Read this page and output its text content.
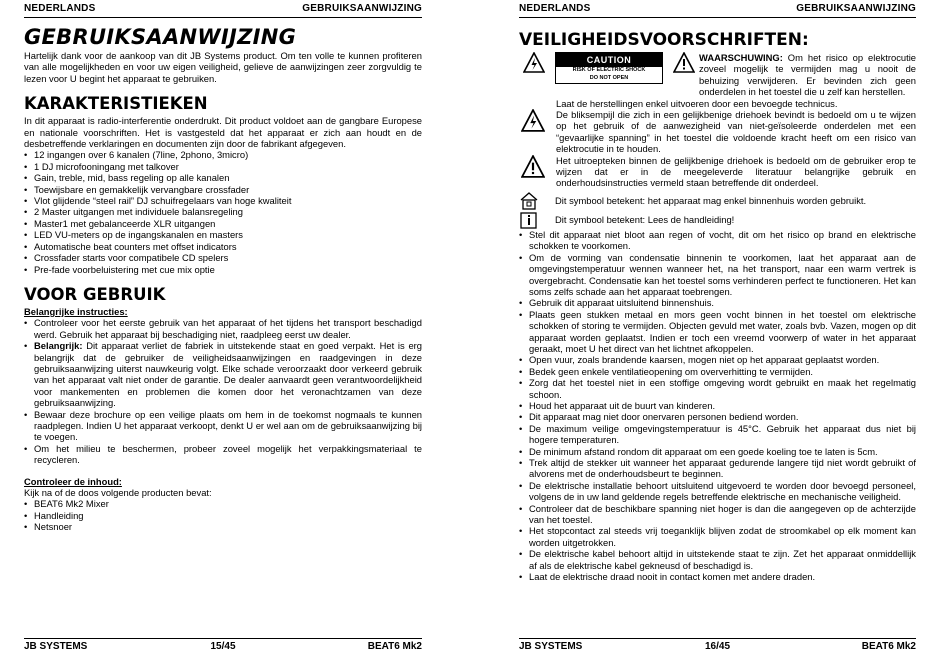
NEDERLANDS	GEBRUIKSAANWIJZING
GEBRUIKSAANWIJZING

Hartelijk dank voor de aankoop van dit JB Systems product. Om ten volle te kunnen profiteren van alle mogelijkheden en voor uw eigen veiligheid, gelieve de aanwijzingen zeer zorgvuldig te lezen voor U begint het apparaat te gebruiken.

KARAKTERISTIEKEN

In dit apparaat is radio-interferentie onderdrukt. Dit product voldoet aan de gangbare Europese en nationale voorschriften. Het is vastgesteld dat het apparaat er zich aan houdt en de desbetreffende verklaringen en documenten zijn door de fabrikant afgegeven.

• 12 ingangen over 6 kanalen (7line, 2phono, 3micro)
• 1 DJ microfooningang met talkover
• Gain, treble, mid, bass regeling op alle kanalen
• Toewijsbare en gemakkelijk vervangbare crossfader
• Vlot glijdende “steel rail” DJ schuifregelaars van hoge kwaliteit
• 2 Master uitgangen met individuele balansregeling
• Master1 met gebalanceerde XLR uitgangen
• LED VU-meters op de ingangskanalen en masters
• Automatische beat counters met offset indicators
• Crossfader starts voor compatibele CD spelers
• Pre-fade voorbeluistering met cue mix optie
VOOR GEBRUIK
Belangrijke instructies:
• Controleer voor het eerste gebruik van het apparaat of het tijdens het transport beschadigd werd. Gebruik het apparaat bij beschadiging niet, raadpleeg eerst uw dealer.
• Belangrijk: Dit apparaat verliet de fabriek in uitstekende staat en goed verpakt. Het is erg belangrijk dat de gebruiker de veiligheidsaanwijzingen en raadgevingen in deze gebruiksaanwijzing uiterst nauwkeurig volgt. Elke schade veroorzaakt door verkeerd gebruik van het apparaat valt niet onder de garantie. De dealer aanvaardt geen verantwoordelijkheid voor mankementen en problemen die komen door het veronachtzamen van deze gebruiksaanwijzing.
• Bewaar deze brochure op een veilige plaats om hem in de toekomst nogmaals te kunnen raadplegen. Indien U het apparaat verkoopt, denkt U er wel aan om de gebruiksaanwijzing bij te voegen.
• Om het milieu te beschermen, probeer zoveel mogelijk het verpakkingsmateriaal te recycleren.
Controleer de inhoud:

Kijk na of de doos volgende producten bevat:

• BEAT6 Mk2 Mixer
• Handleiding
• Netsnoer
JB SYSTEMS	15/45	BEAT6 Mk2
NEDERLANDS	GEBRUIKSAANWIJZING
VEILIGHEIDSVOORSCHRIFTEN:
CAUTION
RISK OF ELECTRIC SHOCK
DO NOT OPEN
WAARSCHUWING: Om het risico op elektrocutie zoveel mogelijk te vermijden mag u nooit de behuizing verwijderen. Er bevinden zich geen onderdelen in het toestel die u zelf kan herstellen.

Laat de herstellingen enkel uitvoeren door een bevoegde technicus.

De bliksempijl die zich in een gelijkbenige driehoek bevindt is bedoeld om u te wijzen op het gebruik of de aanwezigheid van niet-geïsoleerde onderdelen met een “gevaarlijke spanning” in het toestel die voldoende kracht heeft om een risico van elektrocutie in te houden.
Het uitroepteken binnen de gelijkbenige driehoek is bedoeld om de gebruiker erop te wijzen dat er in de meegeleverde literatuur belangrijke gebruik en onderhoudsinstructies vermeld staan betreffende dit onderdeel.
Dit symbool betekent: het apparaat mag enkel binnenhuis worden gebruikt.
Dit symbool betekent: Lees de handleiding!
• Stel dit apparaat niet bloot aan regen of vocht, dit om het risico op brand en elektrische schokken te voorkomen.
• Om de vorming van condensatie binnenin te voorkomen, laat het apparaat aan de omgevingstemperatuur wennen wanneer het, na het transport, naar een warm vertrek is overgebracht. Condensatie kan het toestel soms verhinderen perfect te functioneren. Het kan soms zelfs schade aan het apparaat toebrengen.
• Gebruik dit apparaat uitsluitend binnenshuis.
• Plaats geen stukken metaal en mors geen vocht binnen in het toestel om elektrische schokken of storing te vermijden. Objecten gevuld met water, zoals bvb. Vazen, mogen op dit apparaat worden geplaatst. Indien er toch een vreemd voorwerp of water in het apparaat geraakt, moet U het direct van het lichtnet afkoppelen.
• Open vuur, zoals brandende kaarsen, mogen niet op het apparaat geplaatst worden.
• Bedek geen enkele ventilatieopening om oververhitting te vermijden.
• Zorg dat het toestel niet in een stoffige omgeving wordt gebruikt en maak het regelmatig schoon.
• Houd het apparaat uit de buurt van kinderen.
• Dit apparaat mag niet door onervaren personen bediend worden.
• De maximum veilige omgevingstemperatuur is 45°C. Gebruik het apparaat dus niet bij hogere temperaturen.
• De minimum afstand rondom dit apparaat om een goede koeling toe te laten is 5cm.
• Trek altijd de stekker uit wanneer het apparaat gedurende langere tijd niet wordt gebruikt of alvorens met de onderhoudsbeurt te beginnen.
• De elektrische installatie behoort uitsluitend uitgevoerd te worden door bevoegd personeel, volgens de in uw land geldende regels betreffende elektrische en mechanische veiligheid.
• Controleer dat de beschikbare spanning niet hoger is dan die aangegeven op de achterzijde van het toestel.
• Het stopcontact zal steeds vrij toeganklijk blijven zodat de stroomkabel op elk moment kan worden uitgetrokken.
• De elektrische kabel behoort altijd in uitstekende staat te zijn. Zet het apparaat onmiddellijk af als de elektrische kabel gekneusd of beschadigd is.
• Laat de elektrische draad nooit in contact komen met andere draden.
JB SYSTEMS	16/45	BEAT6 Mk2
